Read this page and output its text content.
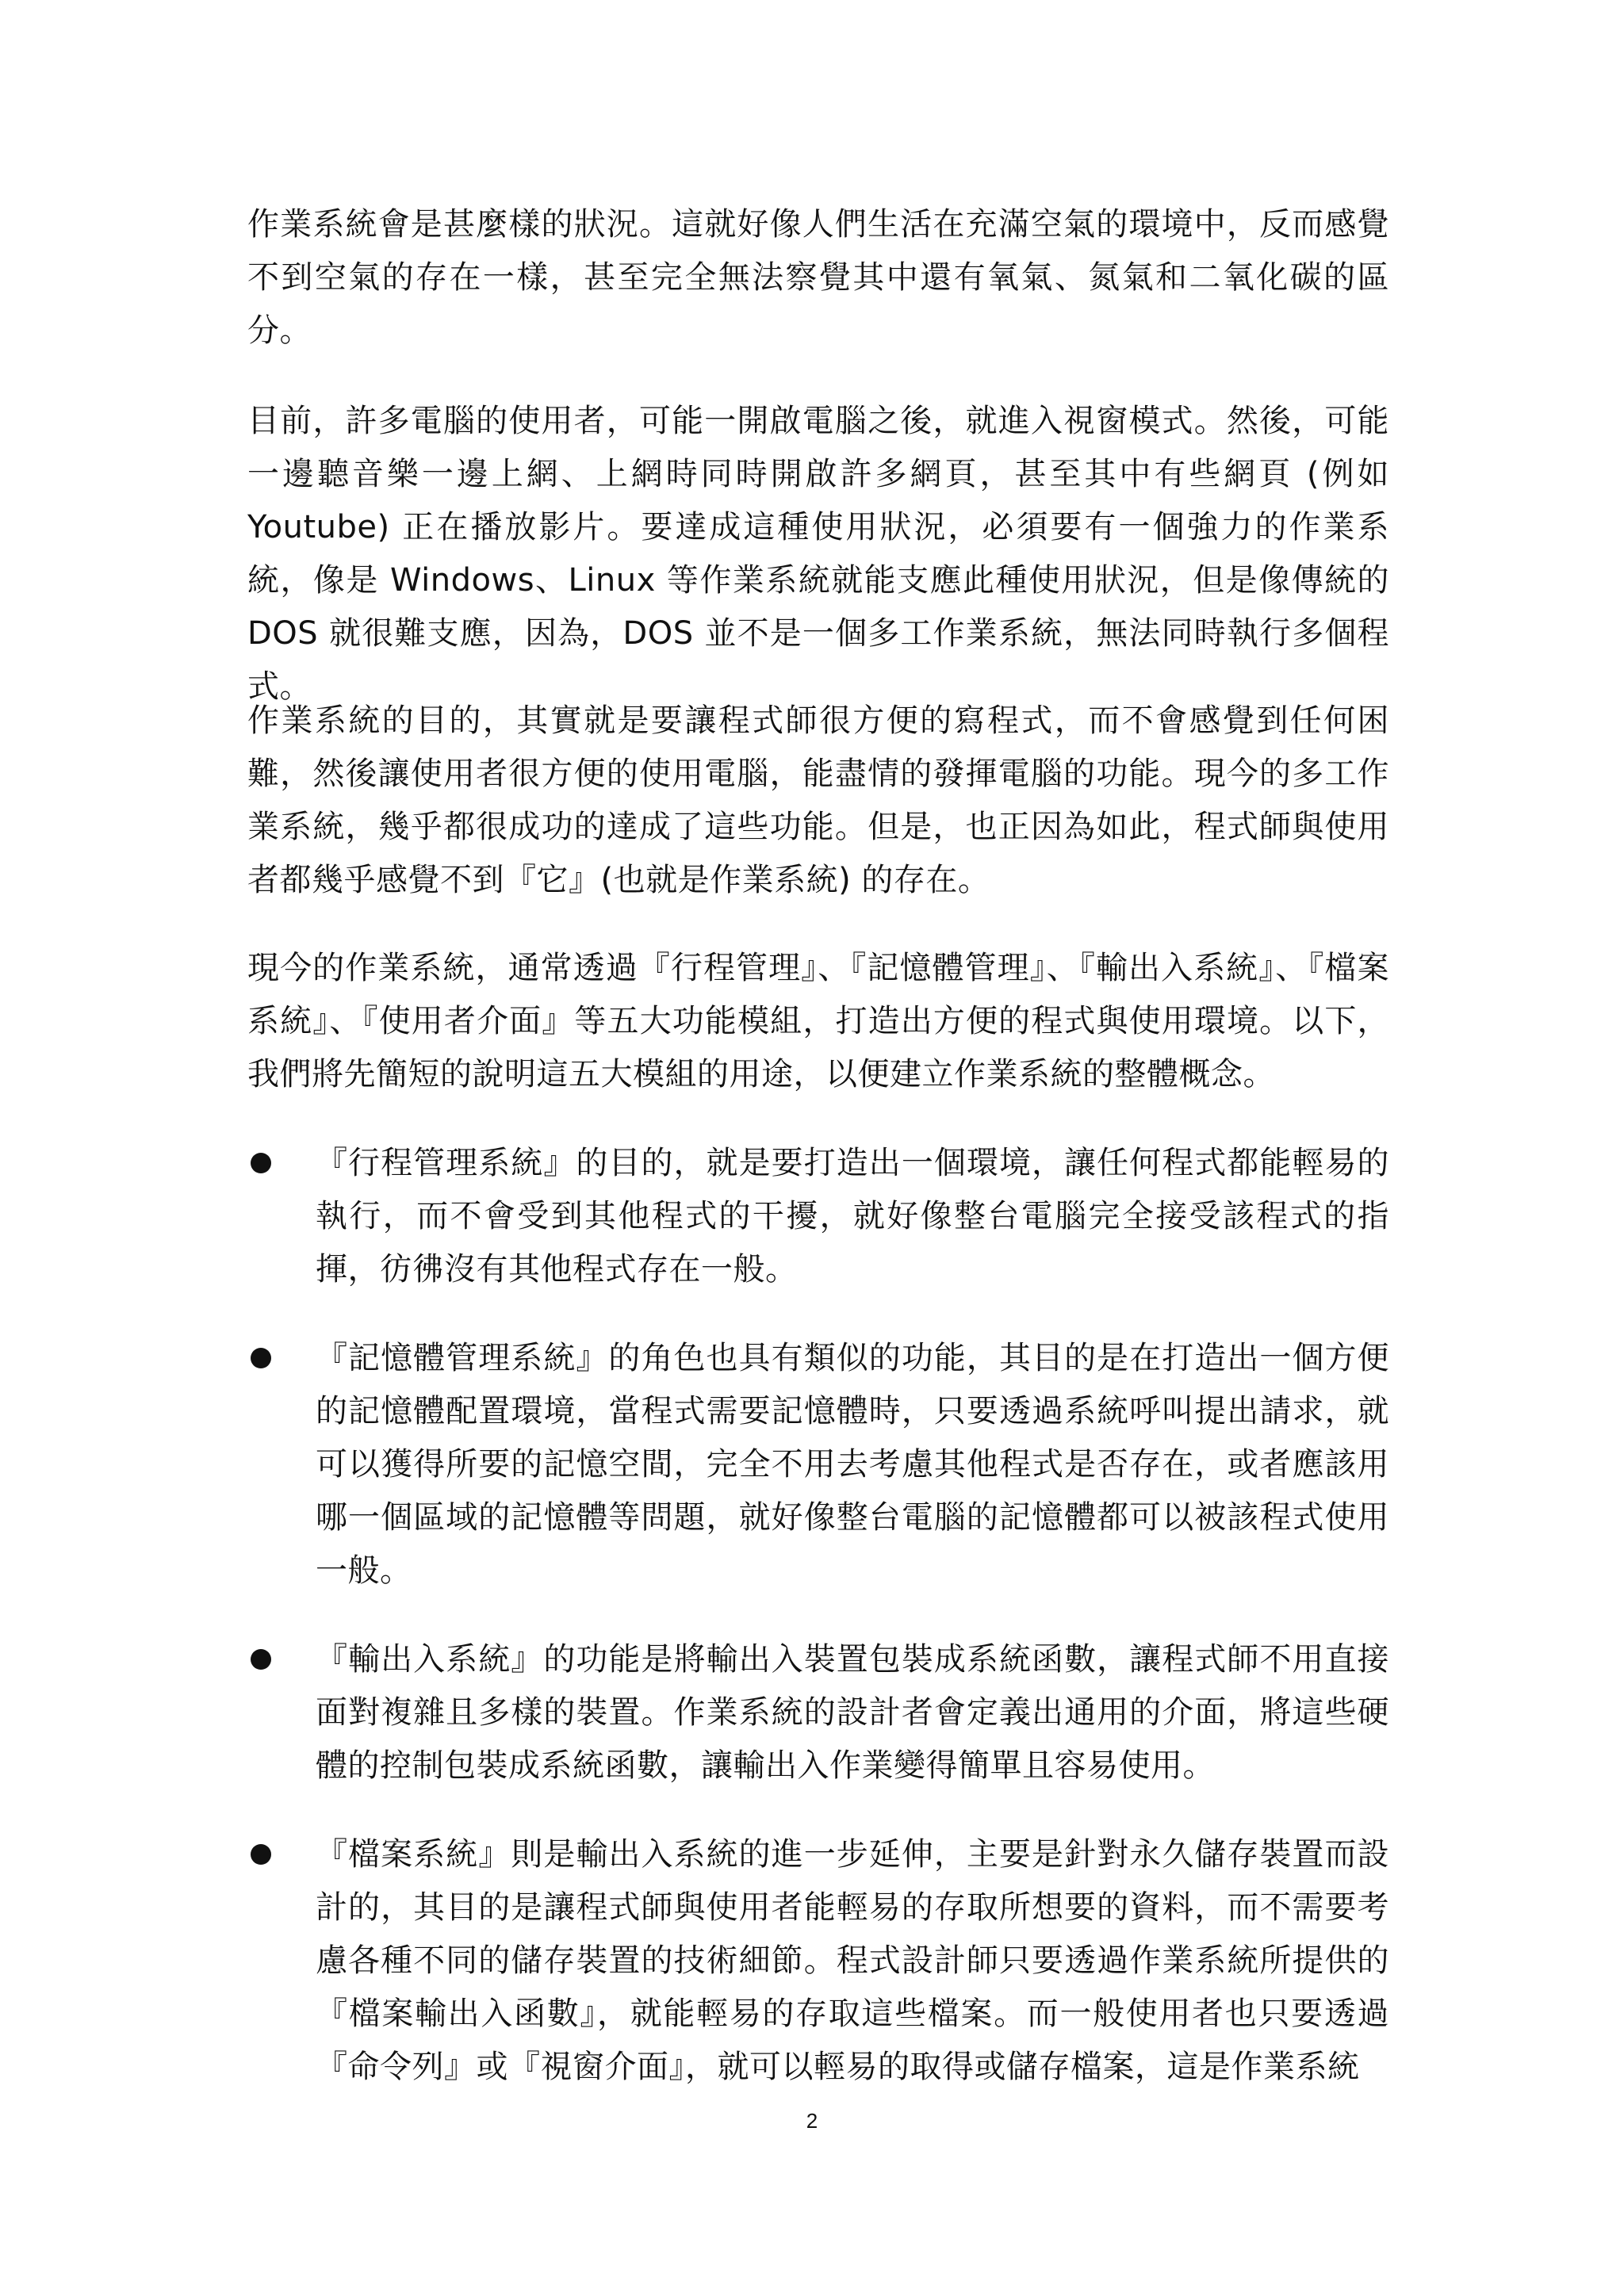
作業系統會是甚麼樣的狀況。這就好像人們生活在充滿空氣的環境中，反而感覺不到空氣的存在一樣，甚至完全無法察覺其中還有氧氣、氮氣和二氧化碳的區分。

目前，許多電腦的使用者，可能一開啟電腦之後，就進入視窗模式。然後，可能一邊聽音樂一邊上網、上網時同時開啟許多網頁，甚至其中有些網頁 (例如 Youtube) 正在播放影片。要達成這種使用狀況，必須要有一個強力的作業系統，像是 Windows、Linux 等作業系統就能支應此種使用狀況，但是像傳統的 DOS 就很難支應，因為，DOS 並不是一個多工作業系統，無法同時執行多個程式。

作業系統的目的，其實就是要讓程式師很方便的寫程式，而不會感覺到任何困難，然後讓使用者很方便的使用電腦，能盡情的發揮電腦的功能。現今的多工作業系統，幾乎都很成功的達成了這些功能。但是，也正因為如此，程式師與使用者都幾乎感覺不到『它』(也就是作業系統) 的存在。

現今的作業系統，通常透過『行程管理』、『記憶體管理』、『輸出入系統』、『檔案系統』、『使用者介面』等五大功能模組，打造出方便的程式與使用環境。以下，我們將先簡短的說明這五大模組的用途，以便建立作業系統的整體概念。

『行程管理系統』的目的，就是要打造出一個環境，讓任何程式都能輕易的執行，而不會受到其他程式的干擾，就好像整台電腦完全接受該程式的指揮，彷彿沒有其他程式存在一般。

『記憶體管理系統』的角色也具有類似的功能，其目的是在打造出一個方便的記憶體配置環境，當程式需要記憶體時，只要透過系統呼叫提出請求，就可以獲得所要的記憶空間，完全不用去考慮其他程式是否存在，或者應該用哪一個區域的記憶體等問題，就好像整台電腦的記憶體都可以被該程式使用一般。

『輸出入系統』的功能是將輸出入裝置包裝成系統函數，讓程式師不用直接面對複雜且多樣的裝置。作業系統的設計者會定義出通用的介面，將這些硬體的控制包裝成系統函數，讓輸出入作業變得簡單且容易使用。

『檔案系統』則是輸出入系統的進一步延伸，主要是針對永久儲存裝置而設計的，其目的是讓程式師與使用者能輕易的存取所想要的資料，而不需要考慮各種不同的儲存裝置的技術細節。程式設計師只要透過作業系統所提供的『檔案輸出入函數』，就能輕易的存取這些檔案。而一般使用者也只要透過『命令列』或『視窗介面』，就可以輕易的取得或儲存檔案，這是作業系統

2
